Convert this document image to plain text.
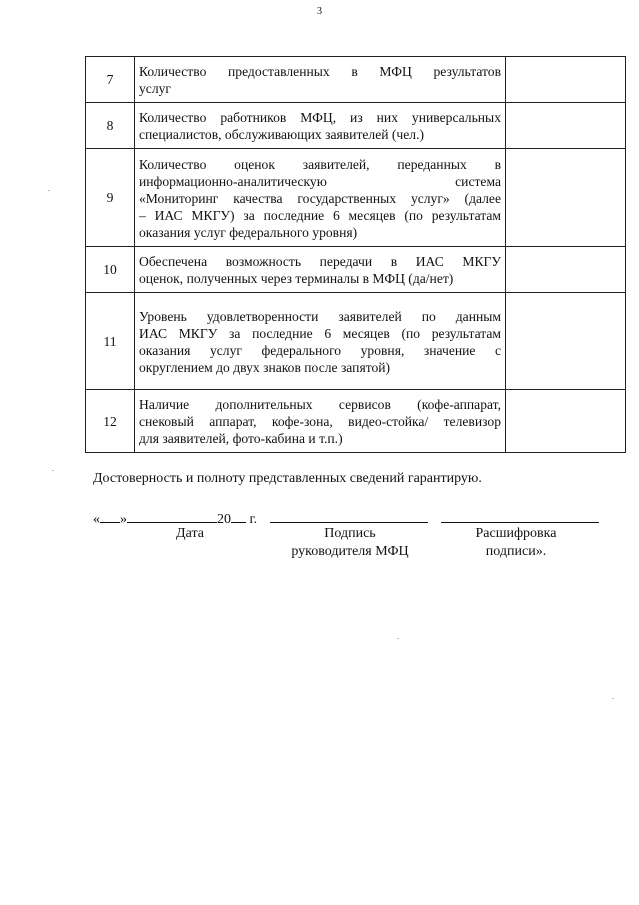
3
7	Количество предоставленных в МФЦ результатов
услуг	

8	Количество работников МФЦ, из них универсальных
специалистов, обслуживающих заявителей (чел.)	

9	Количество оценок заявителей, переданных в
информационно-аналитическую система
«Мониторинг качества государственных услуг» (далее
– ИАС МКГУ) за последние 6 месяцев (по результатам
оказания услуг федерального уровня)	

10	Обеспечена возможность передачи в ИАС МКГУ
оценок, полученных через терминалы в МФЦ (да/нет)	

11	Уровень удовлетворенности заявителей по данным
ИАС МКГУ за последние 6 месяцев (по результатам
оказания услуг федерального уровня, значение с
округлением до двух знаков после запятой)	

12	Наличие дополнительных сервисов (кофе-аппарат,
снековый аппарат, кофе-зона, видео-стойка/ телевизор
для заявителей, фото-кабина и т.п.)	

Достоверность и полноту представленных сведений гарантирую.
« »	20 г.
Дата	Подпись
руководителя МФЦ
Расшифровка
подписи».
